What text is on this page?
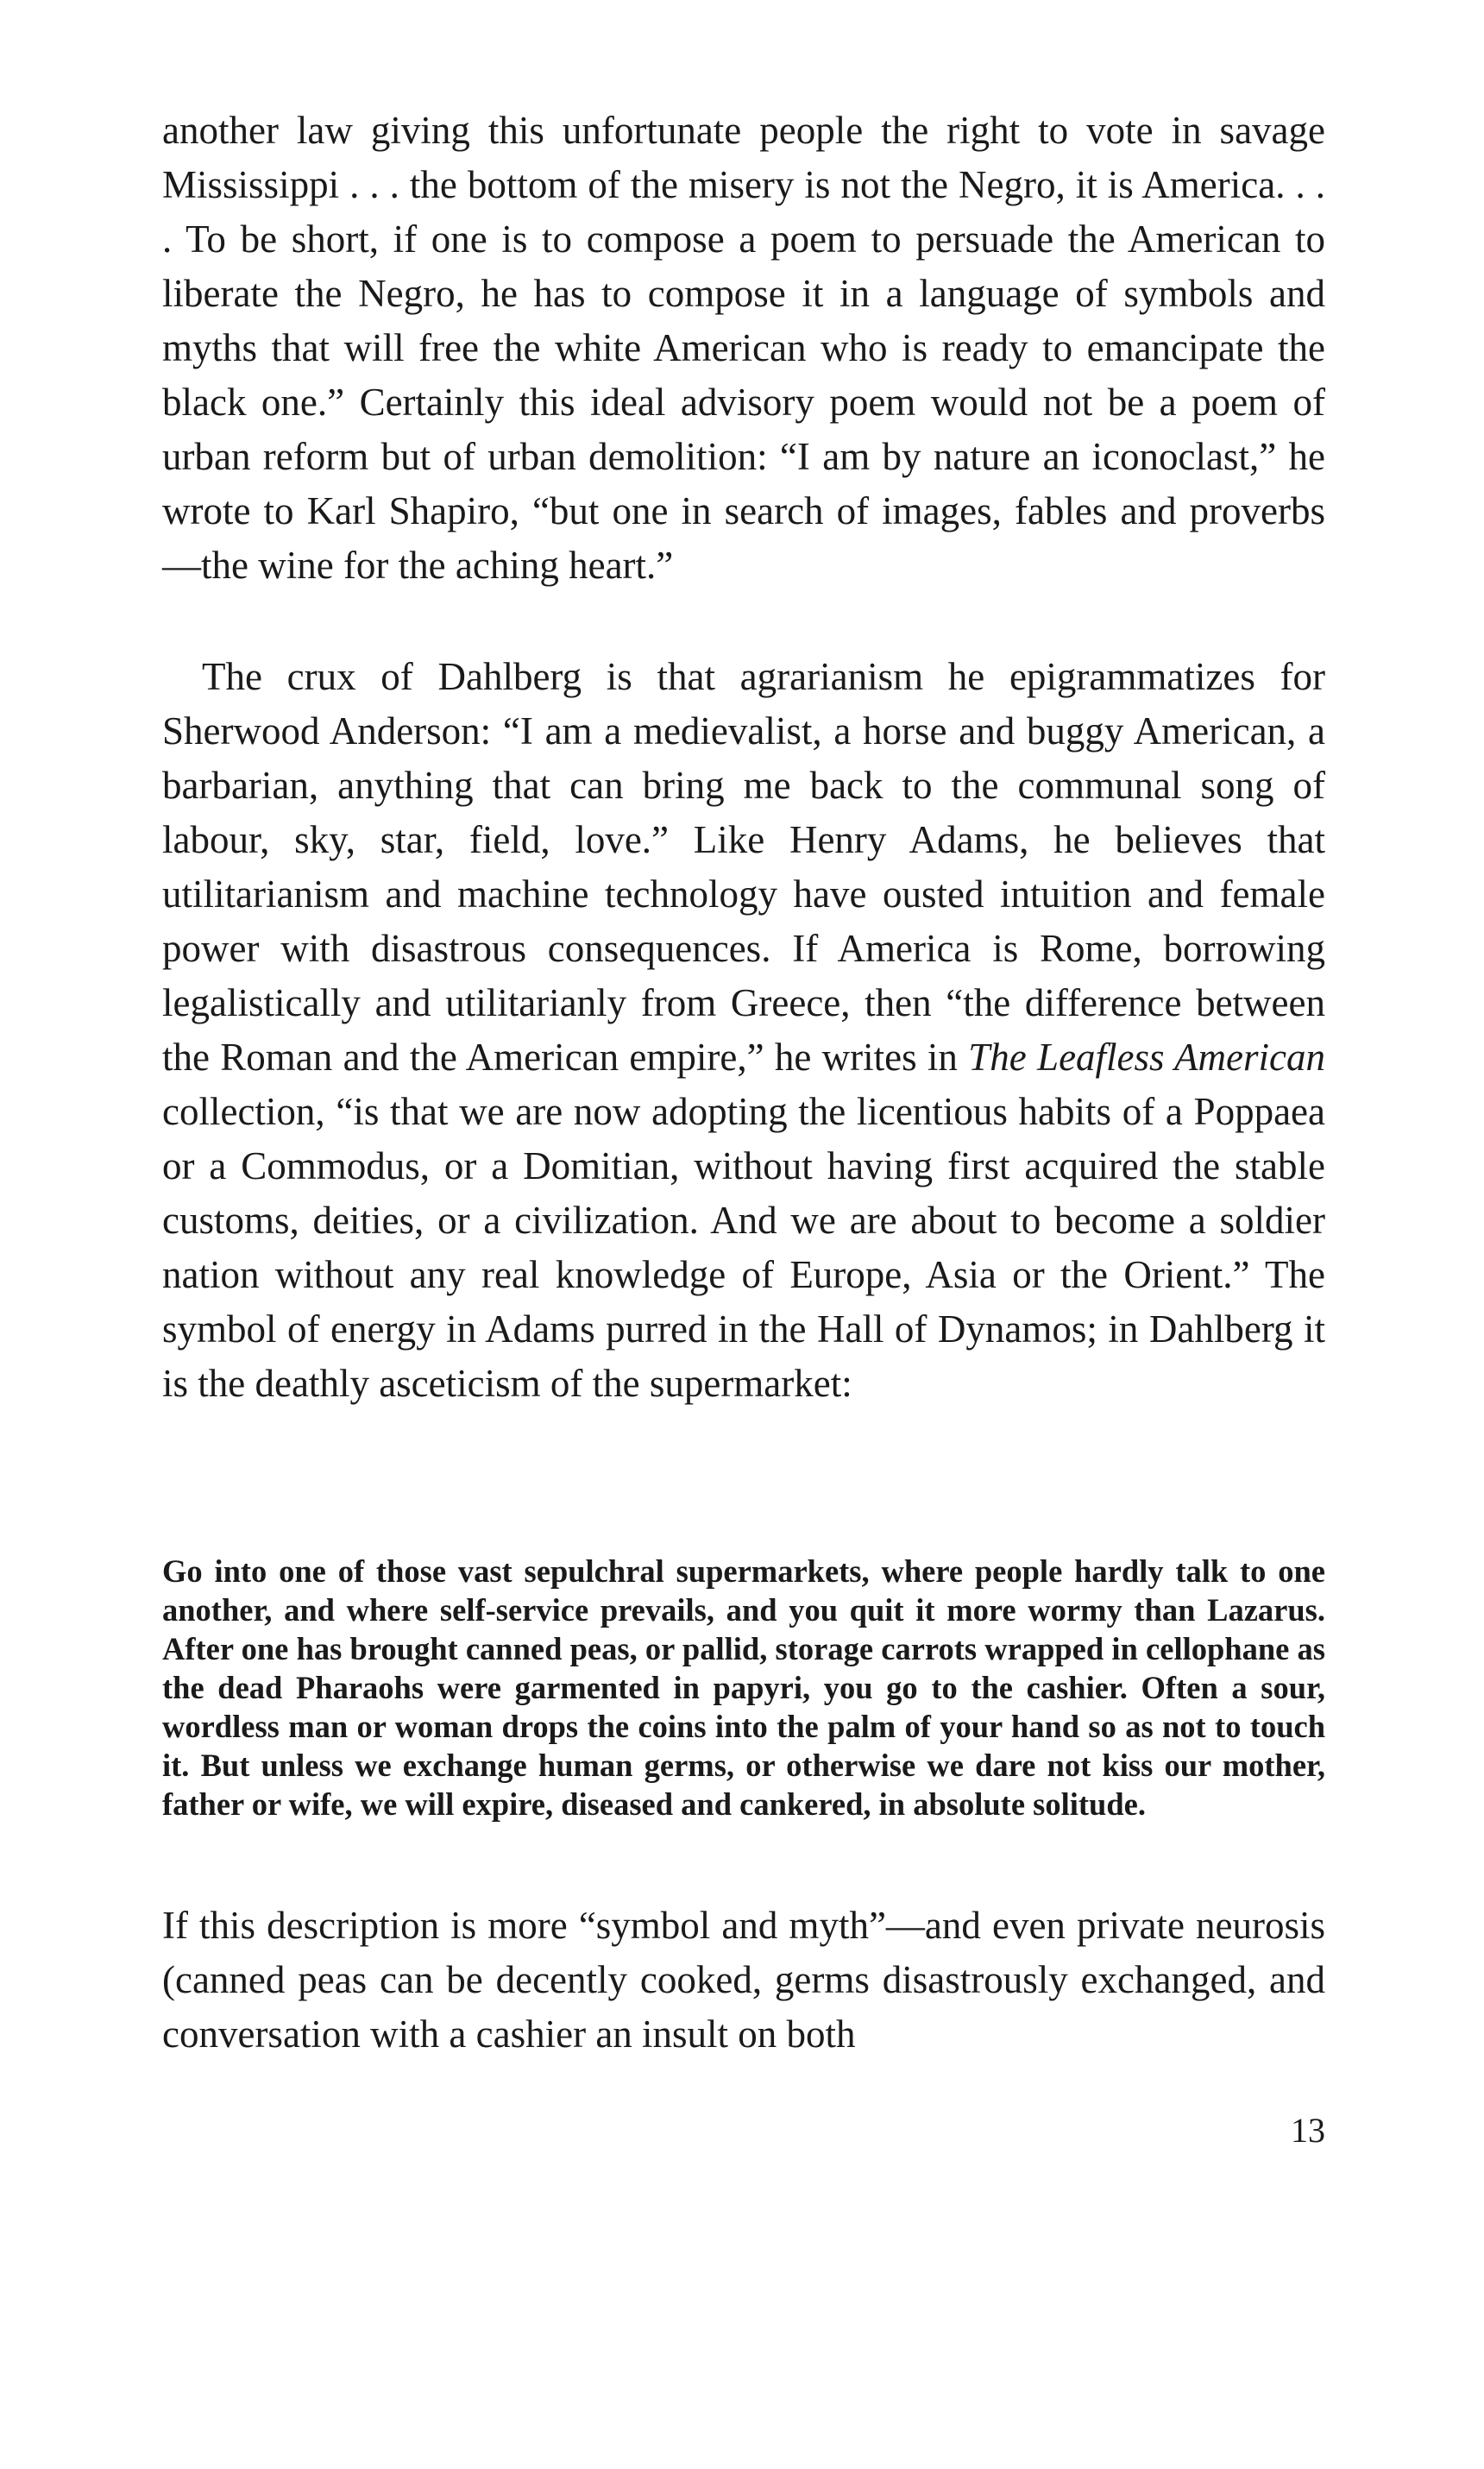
another law giving this unfortunate people the right to vote in savage Mississippi . . . the bottom of the misery is not the Negro, it is America. . . . To be short, if one is to compose a poem to persuade the American to liberate the Negro, he has to compose it in a language of symbols and myths that will free the white American who is ready to emancipate the black one.” Certainly this ideal advisory poem would not be a poem of urban reform but of urban demolition: “I am by nature an iconoclast,” he wrote to Karl Shapiro, “but one in search of images, fables and proverbs —the wine for the aching heart.”

The crux of Dahlberg is that agrarianism he epigrammatizes for Sherwood Anderson: “I am a medievalist, a horse and buggy American, a barbarian, anything that can bring me back to the communal song of labour, sky, star, field, love.” Like Henry Adams, he believes that utilitarianism and machine technology have ousted intuition and female power with disastrous consequences. If America is Rome, borrowing legalistically and utilitarianly from Greece, then “the difference between the Roman and the American empire,” he writes in The Leafless American collection, “is that we are now adopting the licentious habits of a Poppaea or a Commodus, or a Domitian, without having first acquired the stable customs, deities, or a civilization. And we are about to become a soldier nation without any real knowledge of Europe, Asia or the Orient.” The symbol of energy in Adams purred in the Hall of Dynamos; in Dahlberg it is the deathly asceticism of the supermarket:

Go into one of those vast sepulchral supermarkets, where people hardly talk to one another, and where self-service prevails, and you quit it more wormy than Lazarus. After one has brought canned peas, or pallid, storage carrots wrapped in cellophane as the dead Pharaohs were garmented in papyri, you go to the cashier. Often a sour, wordless man or woman drops the coins into the palm of your hand so as not to touch it. But unless we exchange human germs, or otherwise we dare not kiss our mother, father or wife, we will expire, diseased and cankered, in absolute solitude.

If this description is more “symbol and myth”—and even private neurosis (canned peas can be decently cooked, germs disastrously exchanged, and conversation with a cashier an insult on both

13
